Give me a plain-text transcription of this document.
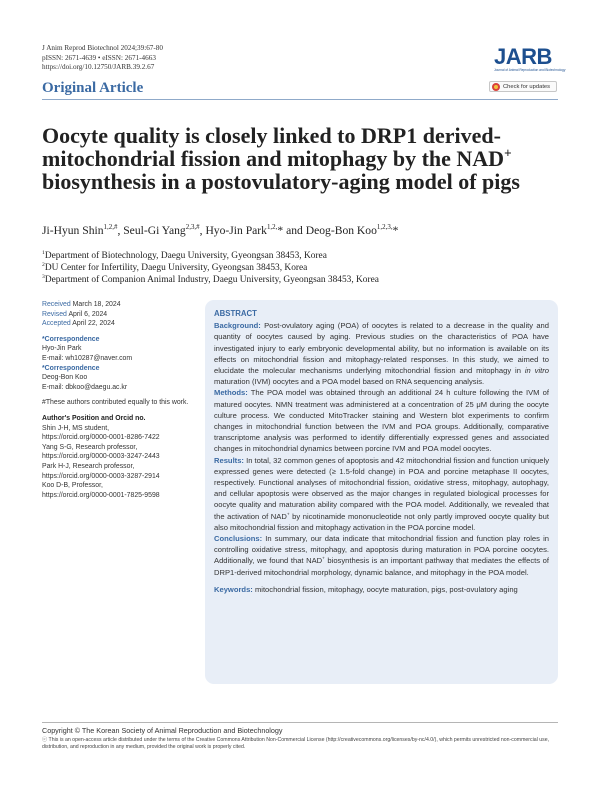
J Anim Reprod Biotechnol 2024;39:67-80
pISSN: 2671-4639 • eISSN: 2671-4663
https://doi.org/10.12750/JARB.39.2.67	JARB
Journal of Animal Reproduction and Biotechnology
Check for updates
Original Article
Oocyte quality is closely linked to DRP1 derived-mitochondrial fission and mitophagy by the NAD+ biosynthesis in a postovulatory-aging model of pigs
Ji-Hyun Shin$^{1,2,\#}$, Seul-Gi Yang$^{2,3,\#}$, Hyo-Jin Park$^{1,2,}$* and Deog-Bon Koo$^{1,2,3,}$*
$^1$Department of Biotechnology, Daegu University, Gyeongsan 38453, Korea
$^2$DU Center for Infertility, Daegu University, Gyeongsan 38453, Korea
$^3$Department of Companion Animal Industry, Daegu University, Gyeongsan 38453, Korea
Received March 18, 2024
Revised April 6, 2024
Accepted April 22, 2024
*Correspondence
Hyo-Jin Park
E-mail: wh10287@naver.com
*Correspondence
Deog-Bon Koo
E-mail: dbkoo@daegu.ac.kr
#These authors contributed equally to this work.
Author's Position and Orcid no.
Shin J-H, MS student,
https://orcid.org/0000-0001-8286-7422
Yang S-G, Research professor,
https://orcid.org/0000-0003-3247-2443
Park H-J, Research professor,
https://orcid.org/0000-0003-3287-2914
Koo D-B, Professor,
https://orcid.org/0000-0001-7825-9598
ABSTRACT

Background: Post-ovulatory aging (POA) of oocytes is related to a decrease in the quality and quantity of oocytes caused by aging. Previous studies on the characteristics of POA have investigated injury to early embryonic developmental ability, but no information is available on its effects on mitochondrial fission and mitophagy-related responses. In this study, we aimed to elucidate the molecular mechanisms underlying mitochondrial fission and mitophagy in in vitro maturation (IVM) oocytes and a POA model based on RNA sequencing analysis.

Methods: The POA model was obtained through an additional 24 h culture following the IVM of matured oocytes. NMN treatment was administered at a concentration of 25 μM during the oocyte culture process. We conducted MitoTracker staining and Western blot experiments to confirm changes in mitochondrial function between the IVM and POA groups. Additionally, comparative transcriptome analysis was performed to identify differentially expressed genes and associated changes in mitochondrial dynamics between porcine IVM and POA model oocytes.

Results: In total, 32 common genes of apoptosis and 42 mitochondrial fission and function uniquely expressed genes were detected (≥ 1.5-fold change) in POA and porcine metaphase II oocytes, respectively. Functional analyses of mitochondrial fission, oxidative stress, mitophagy, autophagy, and cellular apoptosis were observed as the major changes in regulated biological processes for oocyte quality and maturation ability compared with the POA model. Additionally, we revealed that the activation of NAD+ by nicotinamide mononucleotide not only partly improved oocyte quality but also mitochondrial fission and mitophagy activation in the POA porcine model.

Conclusions: In summary, our data indicate that mitochondrial fission and function play roles in controlling oxidative stress, mitophagy, and apoptosis during maturation in POA porcine oocytes. Additionally, we found that NAD+ biosynthesis is an important pathway that mediates the effects of DRP1-derived mitochondrial morphology, dynamic balance, and mitophagy in the POA model.

Keywords: mitochondrial fission, mitophagy, oocyte maturation, pigs, post-ovulatory aging

Copyright © The Korean Society of Animal Reproduction and Biotechnology
ⓒ This is an open-access article distributed under the terms of the Creative Commons Attribution Non-Commercial License (http://creativecommons.org/licenses/by-nc/4.0/), which permits unrestricted non-commercial use, distribution, and reproduction in any medium, provided the original work is properly cited.
